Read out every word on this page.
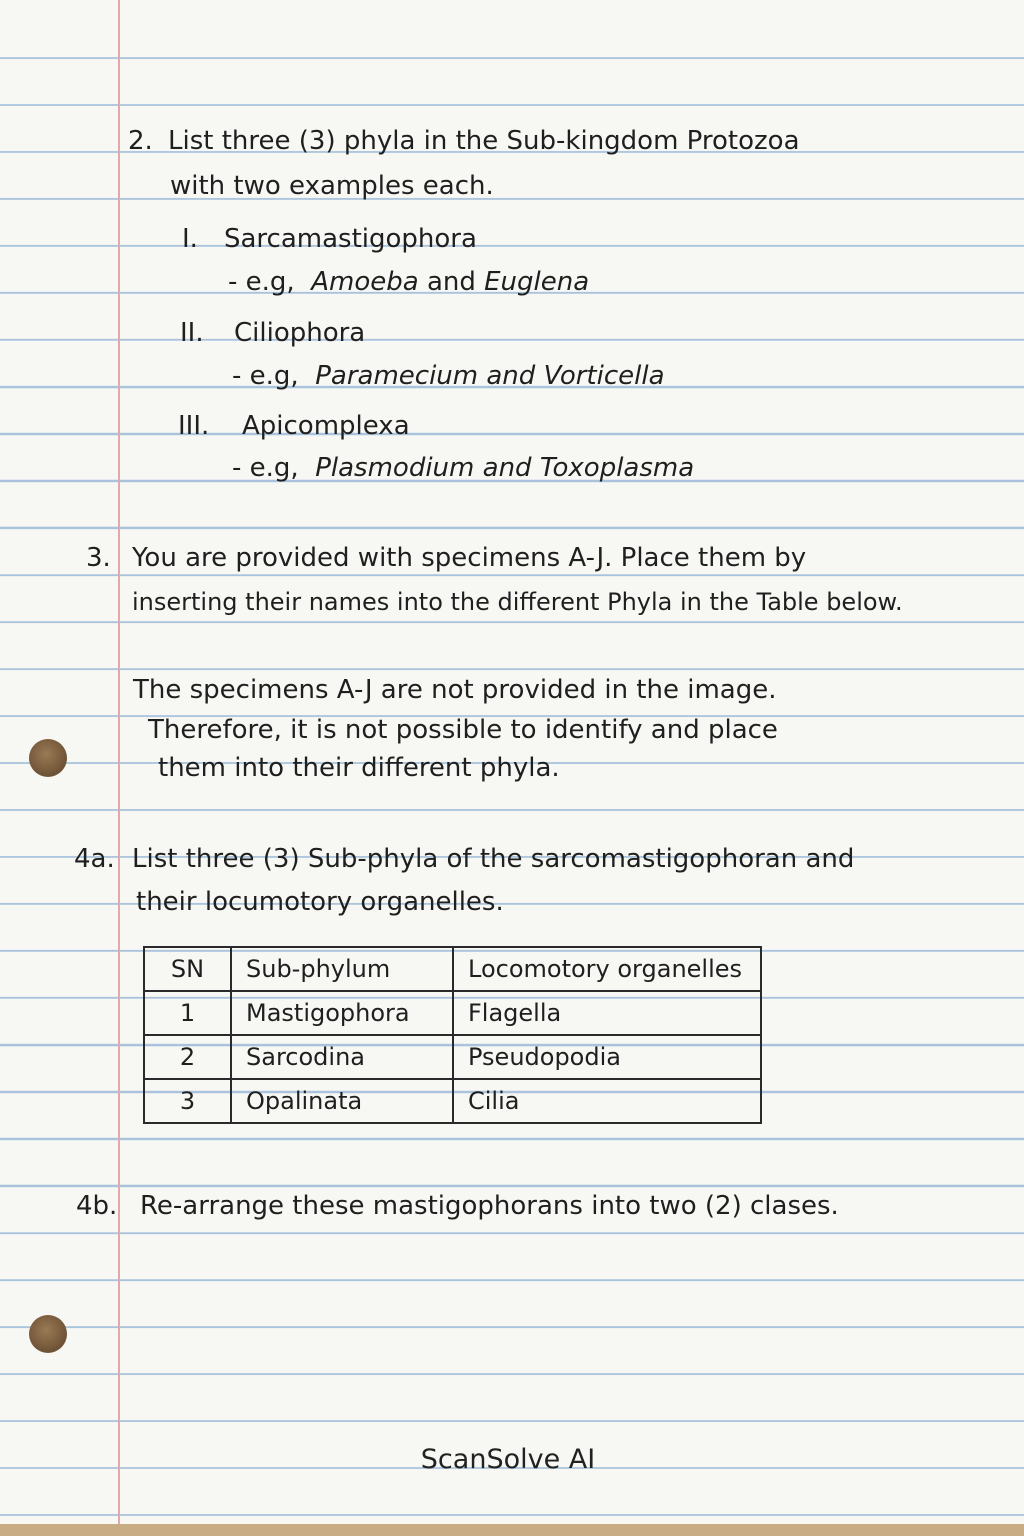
2. List three (3) phyla in the Sub-kingdom Protozoa
with two examples each.
I. Sarcamastigophora
- e.g, Amoeba and Euglena
II. Ciliophora
- e.g, Paramecium and Vorticella
III. Apicomplexa
- e.g, Plasmodium and Toxoplasma
3. You are provided with specimens A-J. Place them by
inserting their names into the different Phyla in the Table below.
The specimens A-J are not provided in the image.
Therefore, it is not possible to identify and place
them into their different phyla.
4a. List three (3) Sub-phyla of the sarcomastigophoran and
their locumotory organelles.
SN	Sub-phylum	Locomotory organelles
1	Mastigophora	Flagella
2	Sarcodina	Pseudopodia
3	Opalinata	Cilia
4b. Re-arrange these mastigophorans into two (2) clases.
ScanSolve AI
